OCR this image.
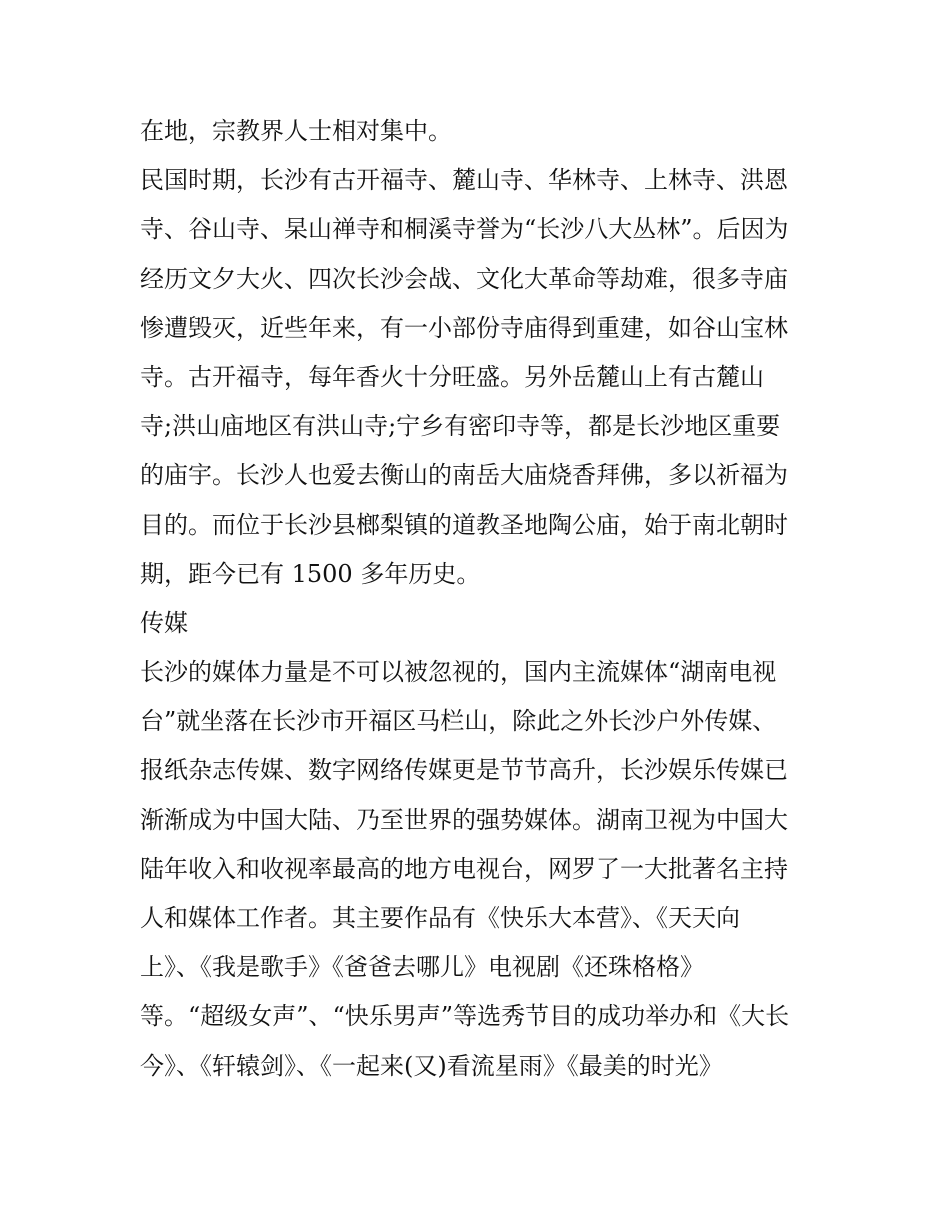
在地，宗教界人士相对集中。
民国时期，长沙有古开福寺、麓山寺、华林寺、上林寺、洪恩
寺、谷山寺、杲山禅寺和桐溪寺誉为“长沙八大丛林”。后因为
经历文夕大火、四次长沙会战、文化大革命等劫难，很多寺庙
惨遭毁灭，近些年来，有一小部份寺庙得到重建，如谷山宝林
寺。古开福寺，每年香火十分旺盛。另外岳麓山上有古麓山
寺;洪山庙地区有洪山寺;宁乡有密印寺等，都是长沙地区重要
的庙宇。长沙人也爱去衡山的南岳大庙烧香拜佛，多以祈福为
目的。而位于长沙县榔梨镇的道教圣地陶公庙，始于南北朝时
期，距今已有 1500 多年历史。
传媒
长沙的媒体力量是不可以被忽视的，国内主流媒体“湖南电视
台”就坐落在长沙市开福区马栏山，除此之外长沙户外传媒、
报纸杂志传媒、数字网络传媒更是节节高升，长沙娱乐传媒已
渐渐成为中国大陆、乃至世界的强势媒体。湖南卫视为中国大
陆年收入和收视率最高的地方电视台，网罗了一大批著名主持
人和媒体工作者。其主要作品有《快乐大本营》、《天天向
上》、《我是歌手》《爸爸去哪儿》电视剧《还珠格格》
等。“超级女声”、“快乐男声”等选秀节目的成功举办和《大长
今》、《轩辕剑》、《一起来(又)看流星雨》《最美的时光》
